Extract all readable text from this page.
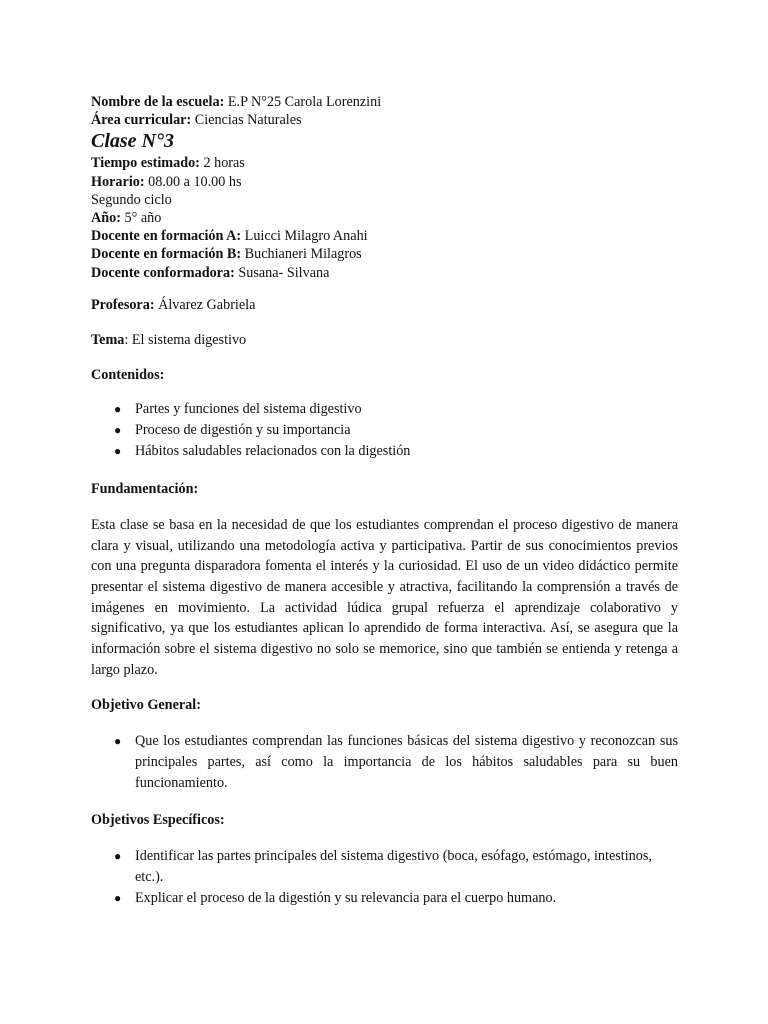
Nombre de la escuela: E.P N°25 Carola Lorenzini
Área curricular: Ciencias Naturales
Clase N°3
Tiempo estimado: 2 horas
Horario: 08.00 a 10.00 hs
Segundo ciclo
Año: 5° año
Docente en formación A: Luicci Milagro Anahi
Docente en formación B: Buchianeri Milagros
Docente conformadora: Susana- Silvana
Profesora: Álvarez Gabriela
Tema: El sistema digestivo
Contenidos:
● Partes y funciones del sistema digestivo
● Proceso de digestión y su importancia
● Hábitos saludables relacionados con la digestión
Fundamentación:
Esta clase se basa en la necesidad de que los estudiantes comprendan el proceso digestivo de manera clara y visual, utilizando una metodología activa y participativa. Partir de sus conocimientos previos con una pregunta disparadora fomenta el interés y la curiosidad. El uso de un video didáctico permite presentar el sistema digestivo de manera accesible y atractiva, facilitando la comprensión a través de imágenes en movimiento. La actividad lúdica grupal refuerza el aprendizaje colaborativo y significativo, ya que los estudiantes aplican lo aprendido de forma interactiva. Así, se asegura que la información sobre el sistema digestivo no solo se memorice, sino que también se entienda y retenga a largo plazo.
Objetivo General:
● Que los estudiantes comprendan las funciones básicas del sistema digestivo y reconozcan sus principales partes, así como la importancia de los hábitos saludables para su buen funcionamiento.
Objetivos Específicos:
● Identificar las partes principales del sistema digestivo (boca, esófago, estómago, intestinos, etc.).
● Explicar el proceso de la digestión y su relevancia para el cuerpo humano.
